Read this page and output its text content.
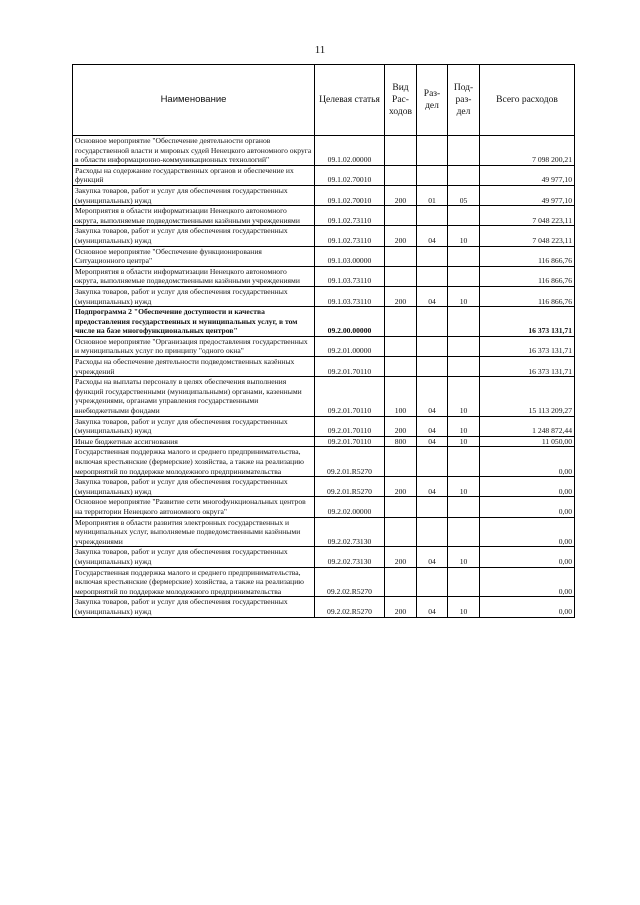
11
Наименование	Целевая статья	Вид Рас-ходов	Раз-дел	Под-раз-дел	Всего расходов
Основное мероприятие "Обеспечение деятельности органов государственной власти и мировых судей Ненецкого автономного округа в области информационно-коммуникационных технологий"	09.1.02.00000				7 098 200,21
Расходы на содержание государственных органов и обеспечение их функций	09.1.02.70010				49 977,10
Закупка товаров, работ и услуг для обеспечения государственных (муниципальных) нужд	09.1.02.70010	200	01	05	49 977,10
Мероприятия в области информатизации Ненецкого автономного округа, выполняемые подведомственными казёнными учреждениями	09.1.02.73110				7 048 223,11
Закупка товаров, работ и услуг для обеспечения государственных (муниципальных) нужд	09.1.02.73110	200	04	10	7 048 223,11
Основное мероприятие "Обеспечение функционирования Ситуационного центра"	09.1.03.00000				116 866,76
Мероприятия в области информатизации Ненецкого автономного округа, выполняемые подведомственными казёнными учреждениями	09.1.03.73110				116 866,76
Закупка товаров, работ и услуг для обеспечения государственных (муниципальных) нужд	09.1.03.73110	200	04	10	116 866,76
Подпрограмма 2 "Обеспечение доступности и качества предоставления государственных и муниципальных услуг, в том числе на базе многофункциональных центров"	09.2.00.00000				16 373 131,71
Основное мероприятие "Организация предоставления государственных и муниципальных услуг по принципу "одного окна"	09.2.01.00000				16 373 131,71
Расходы на обеспечение деятельности подведомственных казённых учреждений	09.2.01.70110				16 373 131,71
Расходы на выплаты персоналу в целях обеспечения выполнения функций государственными (муниципальными) органами, казенными учреждениями, органами управления государственными внебюджетными фондами	09.2.01.70110	100	04	10	15 113 209,27
Закупка товаров, работ и услуг для обеспечения государственных (муниципальных) нужд	09.2.01.70110	200	04	10	1 248 872,44
Иные бюджетные ассигнования	09.2.01.70110	800	04	10	11 050,00
Государственная поддержка малого и среднего предпринимательства, включая крестьянские (фермерские) хозяйства, а также на реализацию мероприятий по поддержке молодежного предпринимательства	09.2.01.R5270				0,00
Закупка товаров, работ и услуг для обеспечения государственных (муниципальных) нужд	09.2.01.R5270	200	04	10	0,00
Основное мероприятие "Развитие сети многофункциональных центров на территории Ненецкого автономного округа"	09.2.02.00000				0,00
Мероприятия в области развития электронных государственных и муниципальных услуг, выполняемые подведомственными казёнными учреждениями	09.2.02.73130				0,00
Закупка товаров, работ и услуг для обеспечения государственных (муниципальных) нужд	09.2.02.73130	200	04	10	0,00
Государственная поддержка малого и среднего предпринимательства, включая крестьянские (фермерские) хозяйства, а также на реализацию мероприятий по поддержке молодежного предпринимательства	09.2.02.R5270				0,00
Закупка товаров, работ и услуг для обеспечения государственных (муниципальных) нужд	09.2.02.R5270	200	04	10	0,00
